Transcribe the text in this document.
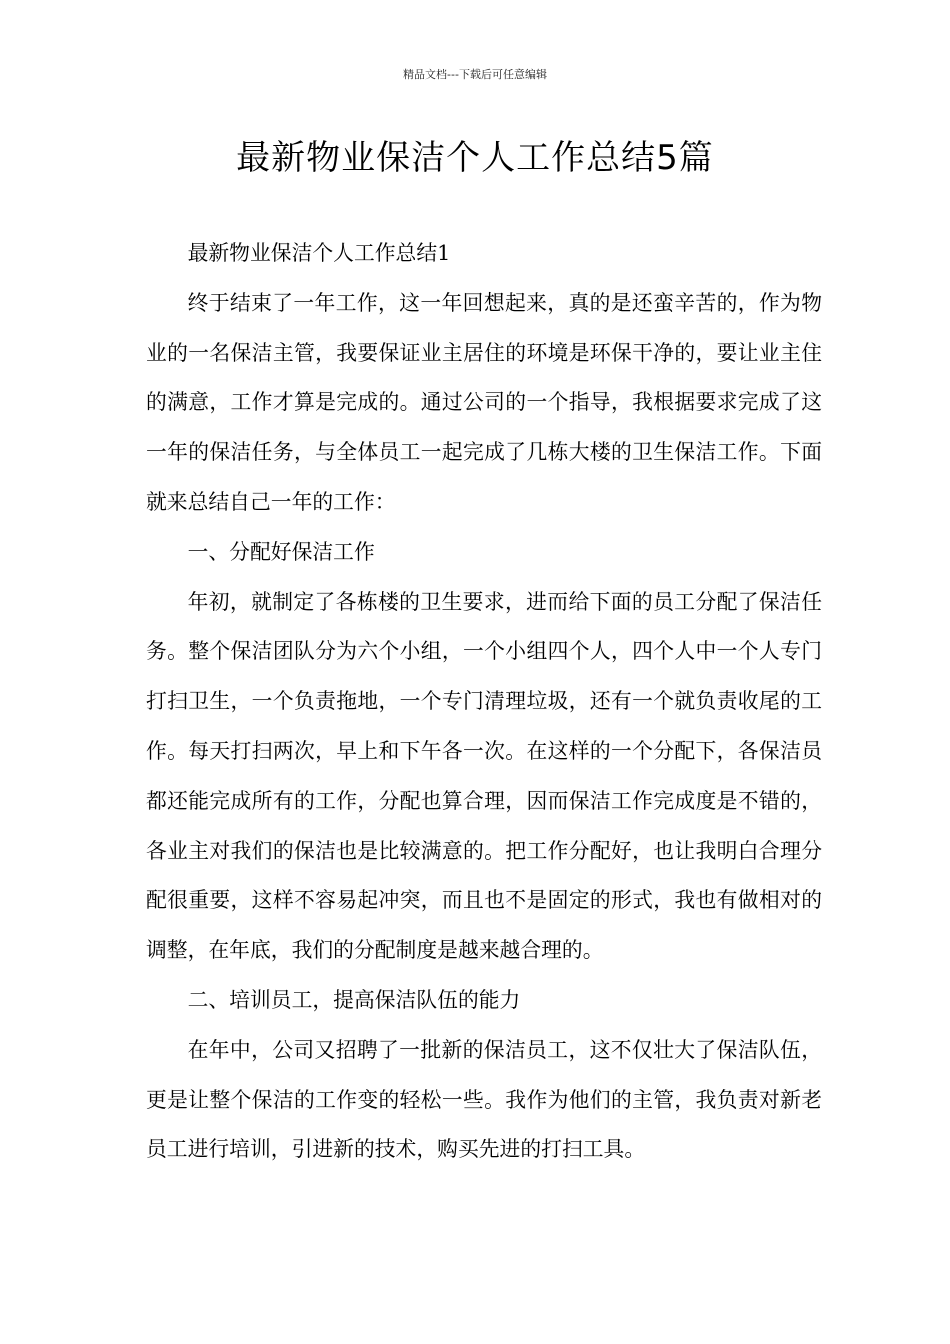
精品文档---下载后可任意编辑
最新物业保洁个人工作总结5篇

最新物业保洁个人工作总结1

终于结束了一年工作，这一年回想起来，真的是还蛮辛苦的，作为物业的一名保洁主管，我要保证业主居住的环境是环保干净的，要让业主住的满意，工作才算是完成的。通过公司的一个指导，我根据要求完成了这一年的保洁任务，与全体员工一起完成了几栋大楼的卫生保洁工作。下面就来总结自己一年的工作：

一、分配好保洁工作

年初，就制定了各栋楼的卫生要求，进而给下面的员工分配了保洁任务。整个保洁团队分为六个小组，一个小组四个人，四个人中一个人专门打扫卫生，一个负责拖地，一个专门清理垃圾，还有一个就负责收尾的工作。每天打扫两次，早上和下午各一次。在这样的一个分配下，各保洁员都还能完成所有的工作，分配也算合理，因而保洁工作完成度是不错的，各业主对我们的保洁也是比较满意的。把工作分配好，也让我明白合理分配很重要，这样不容易起冲突，而且也不是固定的形式，我也有做相对的调整，在年底，我们的分配制度是越来越合理的。

二、培训员工，提高保洁队伍的能力

在年中，公司又招聘了一批新的保洁员工，这不仅壮大了保洁队伍，更是让整个保洁的工作变的轻松一些。我作为他们的主管，我负责对新老员工进行培训，引进新的技术，购买先进的打扫工具。
